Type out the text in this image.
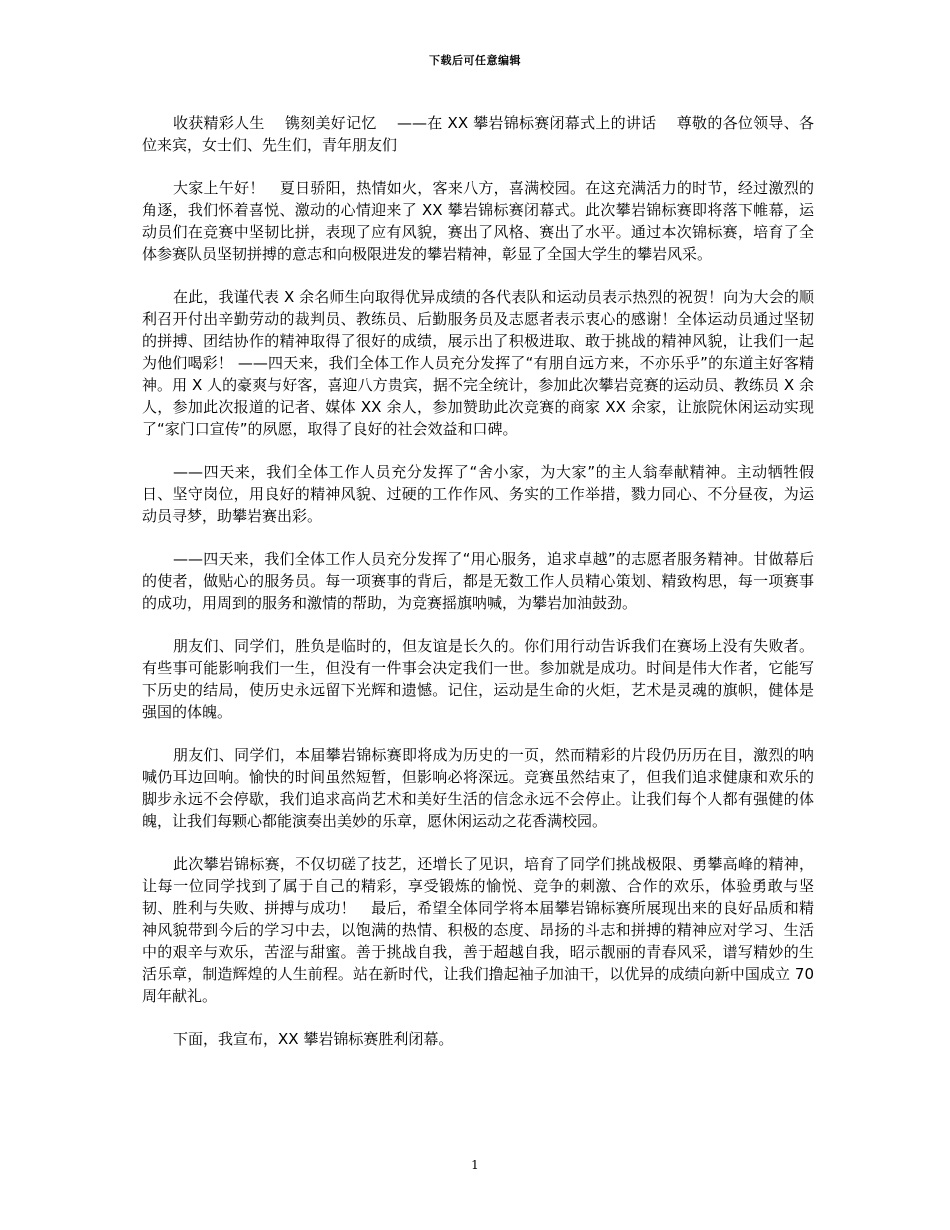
下载后可任意编辑

收获精彩人生　 镌刻美好记忆　 ——在 XX 攀岩锦标赛闭幕式上的讲话　 尊敬的各位领导、各位来宾，女士们、先生们，青年朋友们

大家上午好！　夏日骄阳，热情如火，客来八方，喜满校园。在这充满活力的时节，经过激烈的角逐，我们怀着喜悦、激动的心情迎来了 XX 攀岩锦标赛闭幕式。此次攀岩锦标赛即将落下帷幕，运动员们在竞赛中坚韧比拼，表现了应有风貌，赛出了风格、赛出了水平。通过本次锦标赛，培育了全体参赛队员坚韧拼搏的意志和向极限进发的攀岩精神，彰显了全国大学生的攀岩风采。

在此，我谨代表 X 余名师生向取得优异成绩的各代表队和运动员表示热烈的祝贺！向为大会的顺利召开付出辛勤劳动的裁判员、教练员、后勤服务员及志愿者表示衷心的感谢！全体运动员通过坚韧的拼搏、团结协作的精神取得了很好的成绩，展示出了积极进取、敢于挑战的精神风貌，让我们一起为他们喝彩！ ——四天来，我们全体工作人员充分发挥了“有朋自远方来，不亦乐乎”的东道主好客精神。用 X 人的豪爽与好客，喜迎八方贵宾，据不完全统计，参加此次攀岩竞赛的运动员、教练员 X 余人，参加此次报道的记者、媒体 XX 余人，参加赞助此次竞赛的商家 XX 余家，让旅院休闲运动实现了“家门口宣传”的夙愿，取得了良好的社会效益和口碑。

——四天来，我们全体工作人员充分发挥了“舍小家，为大家”的主人翁奉献精神。主动牺牲假日、坚守岗位，用良好的精神风貌、过硬的工作作风、务实的工作举措，戮力同心、不分昼夜，为运动员寻梦，助攀岩赛出彩。

——四天来，我们全体工作人员充分发挥了“用心服务，追求卓越”的志愿者服务精神。甘做幕后的使者，做贴心的服务员。每一项赛事的背后，都是无数工作人员精心策划、精致构思，每一项赛事的成功，用周到的服务和激情的帮助，为竞赛摇旗呐喊，为攀岩加油鼓劲。

朋友们、同学们，胜负是临时的，但友谊是长久的。你们用行动告诉我们在赛场上没有失败者。有些事可能影响我们一生，但没有一件事会决定我们一世。参加就是成功。时间是伟大作者，它能写下历史的结局，使历史永远留下光辉和遗憾。记住，运动是生命的火炬，艺术是灵魂的旗帜，健体是强国的体魄。

朋友们、同学们，本届攀岩锦标赛即将成为历史的一页，然而精彩的片段仍历历在目，激烈的呐喊仍耳边回响。愉快的时间虽然短暂，但影响必将深远。竞赛虽然结束了，但我们追求健康和欢乐的脚步永远不会停歇，我们追求高尚艺术和美好生活的信念永远不会停止。让我们每个人都有强健的体魄，让我们每颗心都能演奏出美妙的乐章，愿休闲运动之花香满校园。

此次攀岩锦标赛，不仅切磋了技艺，还增长了见识，培育了同学们挑战极限、勇攀高峰的精神，让每一位同学找到了属于自己的精彩，享受锻炼的愉悦、竞争的刺激、合作的欢乐，体验勇敢与坚韧、胜利与失败、拼搏与成功！　最后，希望全体同学将本届攀岩锦标赛所展现出来的良好品质和精神风貌带到今后的学习中去，以饱满的热情、积极的态度、昂扬的斗志和拼搏的精神应对学习、生活中的艰辛与欢乐，苦涩与甜蜜。善于挑战自我，善于超越自我，昭示靓丽的青春风采，谱写精妙的生活乐章，制造辉煌的人生前程。站在新时代，让我们撸起袖子加油干，以优异的成绩向新中国成立 70 周年献礼。

下面，我宣布，XX 攀岩锦标赛胜利闭幕。

1
